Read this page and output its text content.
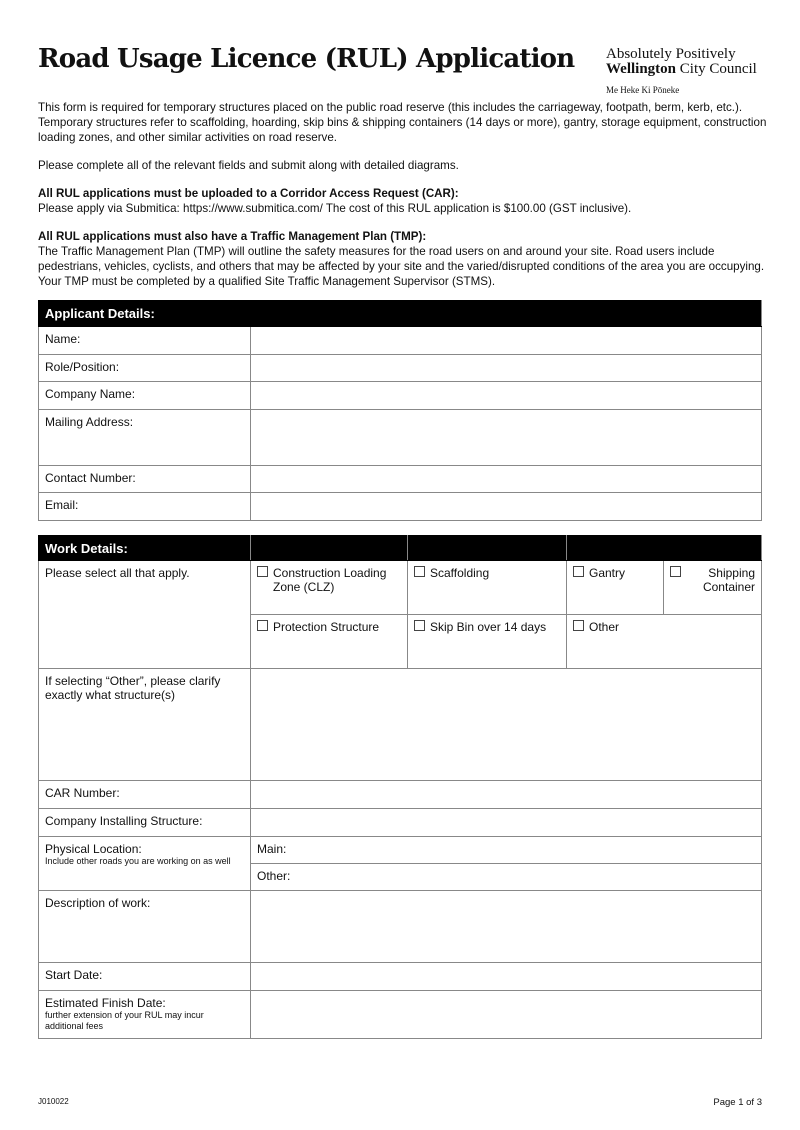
Road Usage Licence (RUL) Application Absolutely Positively
Wellington City Council
Me Heke Ki Pōneke

This form is required for temporary structures placed on the public road reserve (this includes the carriageway, footpath, berm, kerb, etc.). Temporary structures refer to scaffolding, hoarding, skip bins & shipping containers (14 days or more), gantry, storage equipment, construction loading zones, and other similar activities on road reserve.

Please complete all of the relevant fields and submit along with detailed diagrams.

All RUL applications must be uploaded to a Corridor Access Request (CAR):

Please apply via Submitica: https://www.submitica.com/ The cost of this RUL application is $100.00 (GST inclusive).

All RUL applications must also have a Traffic Management Plan (TMP):

The Traffic Management Plan (TMP) will outline the safety measures for the road users on and around your site. Road users include pedestrians, vehicles, cyclists, and others that may be affected by your site and the varied/disrupted conditions of the area you are occupying. Your TMP must be completed by a qualified Site Traffic Management Supervisor (STMS).

Applicant Details:	
Name:	
Role/Position:	
Company Name:	
Mailing Address:	
Contact Number:	
Email:	
Work Details:				
Please select all that apply.	Construction Loading Zone (CLZ)	Scaffolding	Gantry	Shipping Container

	Protection Structure	Skip Bin over 14 days	Other	

If selecting “Other”, please clarify exactly what structure(s)				
CAR Number:				
Company Installing Structure:				
Physical Location:
Include other roads you are working on as well	Main:			
	Other:			
Description of work:				
Start Date:				
Estimated Finish Date:
further extension of your RUL may incur additional fees				

J010022	Page 1 of 3
